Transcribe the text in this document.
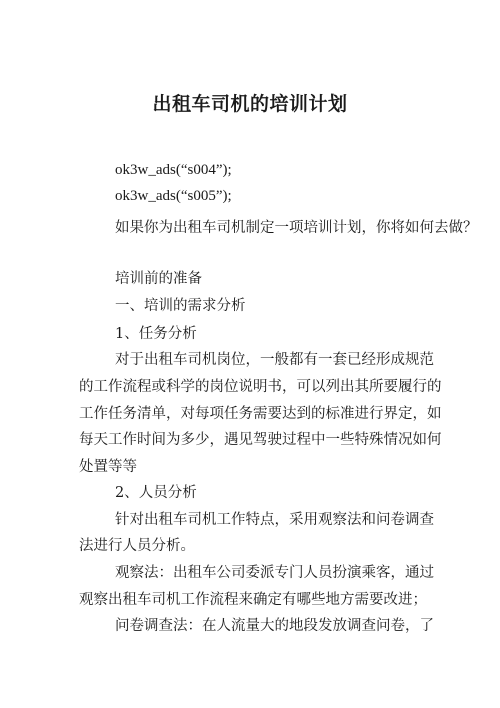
出租车司机的培训计划
ok3w_ads(“s004”);
ok3w_ads(“s005”);
如果你为出租车司机制定一项培训计划，你将如何去做？
培训前的准备
一、培训的需求分析
1、任务分析
对于出租车司机岗位，一般都有一套已经形成规范
的工作流程或科学的岗位说明书，可以列出其所要履行的
工作任务清单，对每项任务需要达到的标准进行界定，如
每天工作时间为多少，遇见驾驶过程中一些特殊情况如何
处置等等
2、人员分析
针对出租车司机工作特点，采用观察法和问卷调查
法进行人员分析。
观察法：出租车公司委派专门人员扮演乘客，通过
观察出租车司机工作流程来确定有哪些地方需要改进；
问卷调查法：在人流量大的地段发放调查问卷，了
